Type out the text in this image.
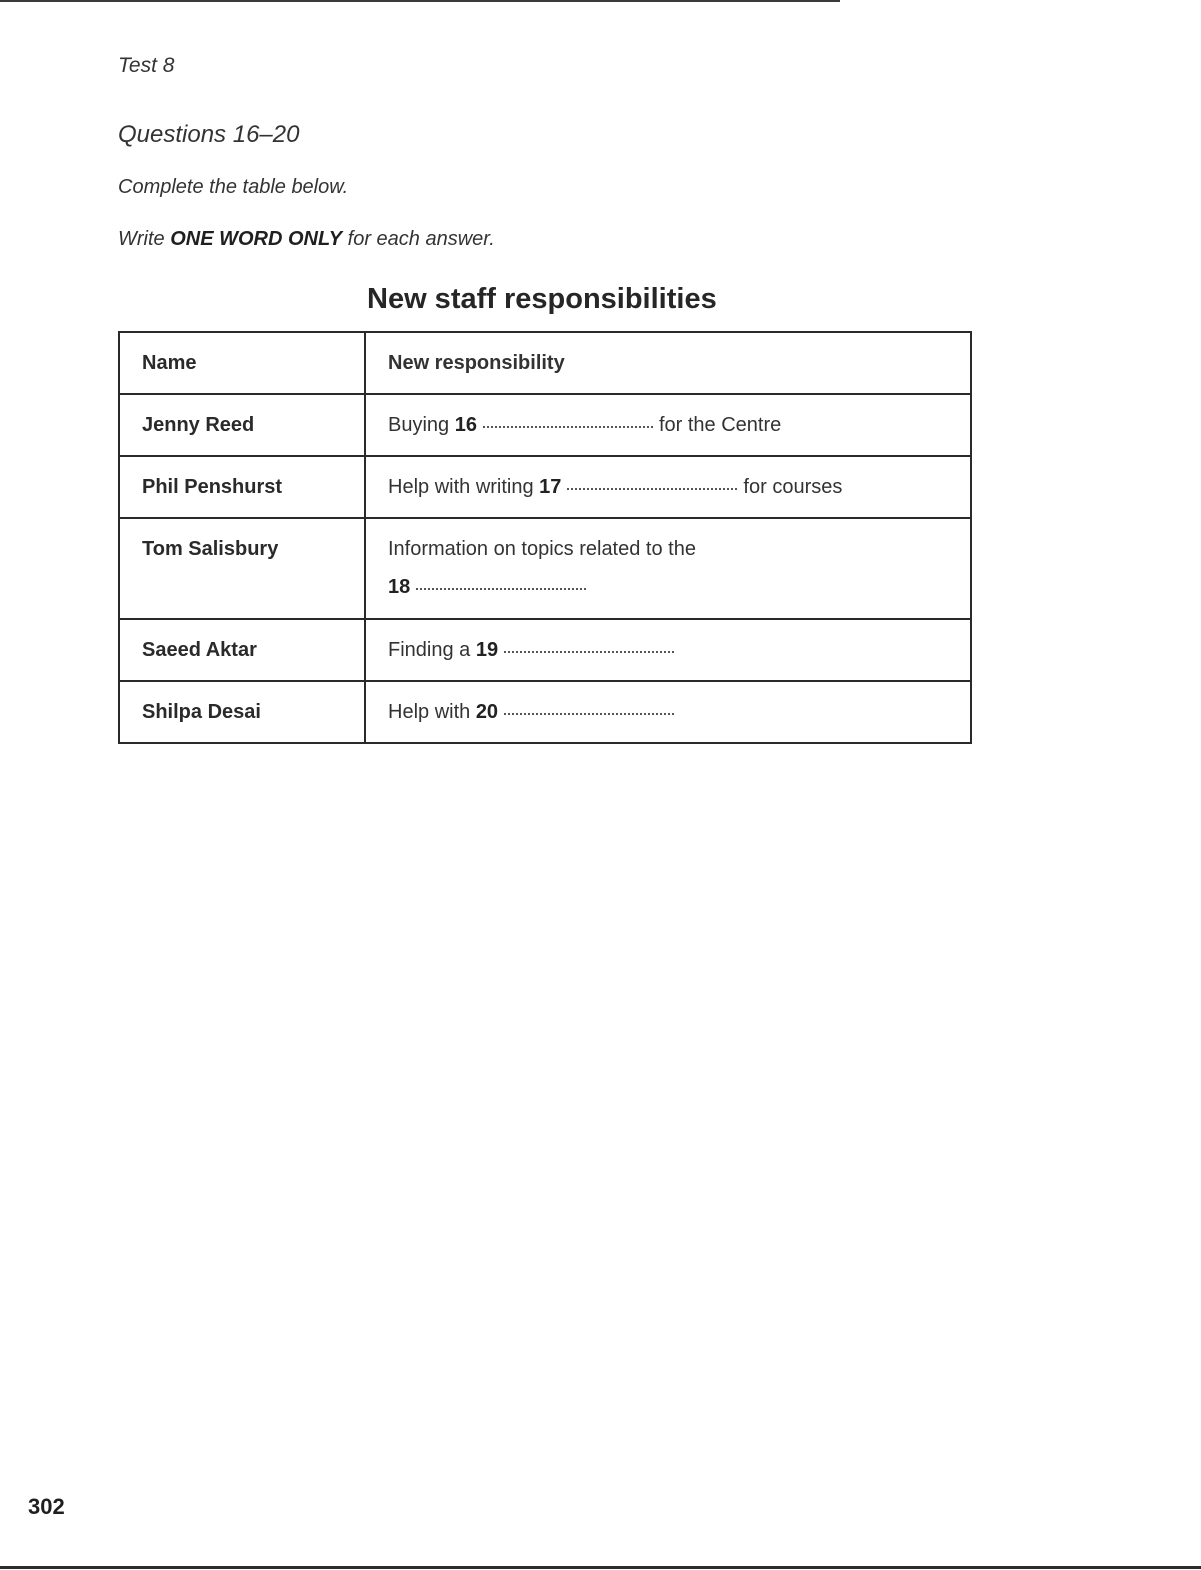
Test 8
Questions 16–20
Complete the table below.
Write ONE WORD ONLY for each answer.
New staff responsibilities
Name	New responsibility
Jenny Reed	Buying 16 for the Centre
Phil Penshurst	Help with writing 17 for courses
Tom Salisbury	Information on topics related to the
18

Saeed Aktar	Finding a 19
Shilpa Desai	Help with 20
302
